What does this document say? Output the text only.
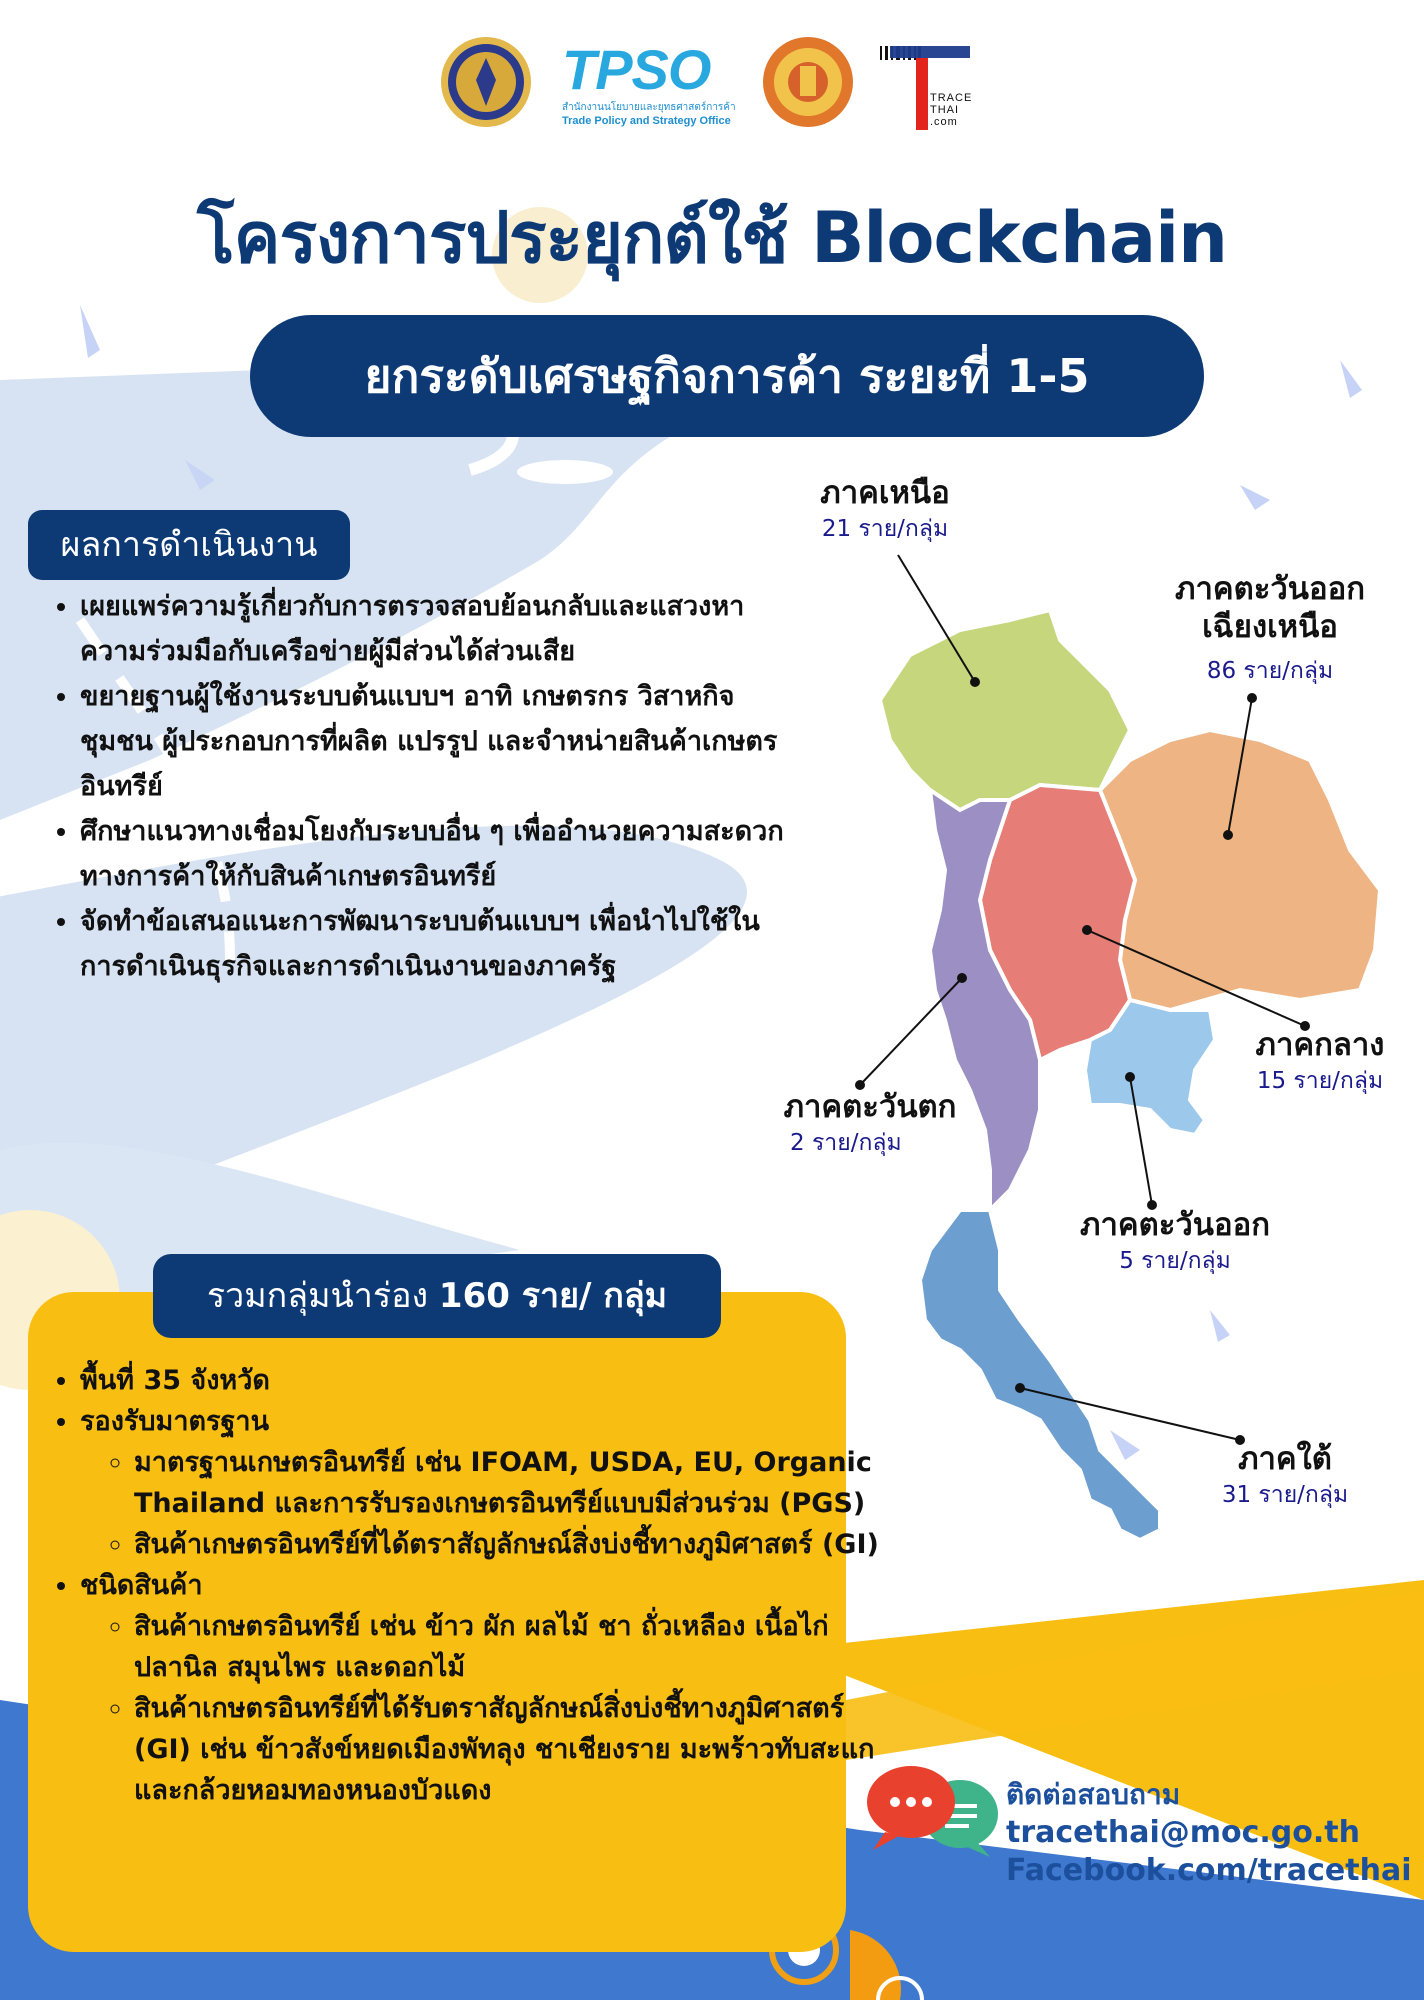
TPSO
สำนักงานนโยบายและยุทธศาสตร์การค้า
Trade Policy and Strategy Office
TRACE
THAI
.com
โครงการประยุกต์ใช้ Blockchain
ยกระดับเศรษฐกิจการค้า ระยะที่ 1-5
ผลการดำเนินงาน
• เผยแพร่ความรู้เกี่ยวกับการตรวจสอบย้อนกลับและแสวงหาความร่วมมือกับเครือข่ายผู้มีส่วนได้ส่วนเสีย
• ขยายฐานผู้ใช้งานระบบต้นแบบฯ อาทิ เกษตรกร วิสาหกิจชุมชน ผู้ประกอบการที่ผลิต แปรรูป และจำหน่ายสินค้าเกษตรอินทรีย์
• ศึกษาแนวทางเชื่อมโยงกับระบบอื่น ๆ เพื่ออำนวยความสะดวกทางการค้าให้กับสินค้าเกษตรอินทรีย์
• จัดทำข้อเสนอแนะการพัฒนาระบบต้นแบบฯ เพื่อนำไปใช้ในการดำเนินธุรกิจและการดำเนินงานของภาครัฐ
ภาคเหนือ
21 ราย/กลุ่ม
ภาคตะวันออก
เฉียงเหนือ
86 ราย/กลุ่ม
ภาคกลาง
15 ราย/กลุ่ม
ภาคตะวันตก
2 ราย/กลุ่ม
ภาคตะวันออก
5 ราย/กลุ่ม
ภาคใต้
31 ราย/กลุ่ม
รวมกลุ่มนำร่อง 160 ราย/ กลุ่ม
• พื้นที่ 35 จังหวัด
• รองรับมาตรฐาน
◦ มาตรฐานเกษตรอินทรีย์ เช่น IFOAM, USDA, EU, Organic Thailand และการรับรองเกษตรอินทรีย์แบบมีส่วนร่วม (PGS)
◦ สินค้าเกษตรอินทรีย์ที่ได้ตราสัญลักษณ์สิ่งบ่งชี้ทางภูมิศาสตร์ (GI)
• ชนิดสินค้า
◦ สินค้าเกษตรอินทรีย์ เช่น ข้าว ผัก ผลไม้ ชา ถั่วเหลือง เนื้อไก่ ปลานิล สมุนไพร และดอกไม้
◦ สินค้าเกษตรอินทรีย์ที่ได้รับตราสัญลักษณ์สิ่งบ่งชี้ทางภูมิศาสตร์ (GI) เช่น ข้าวสังข์หยดเมืองพัทลุง ชาเชียงราย มะพร้าวทับสะแก และกล้วยหอมทองหนองบัวแดง	ติดต่อสอบถาม
tracethai@moc.go.th
Facebook.com/tracethai
